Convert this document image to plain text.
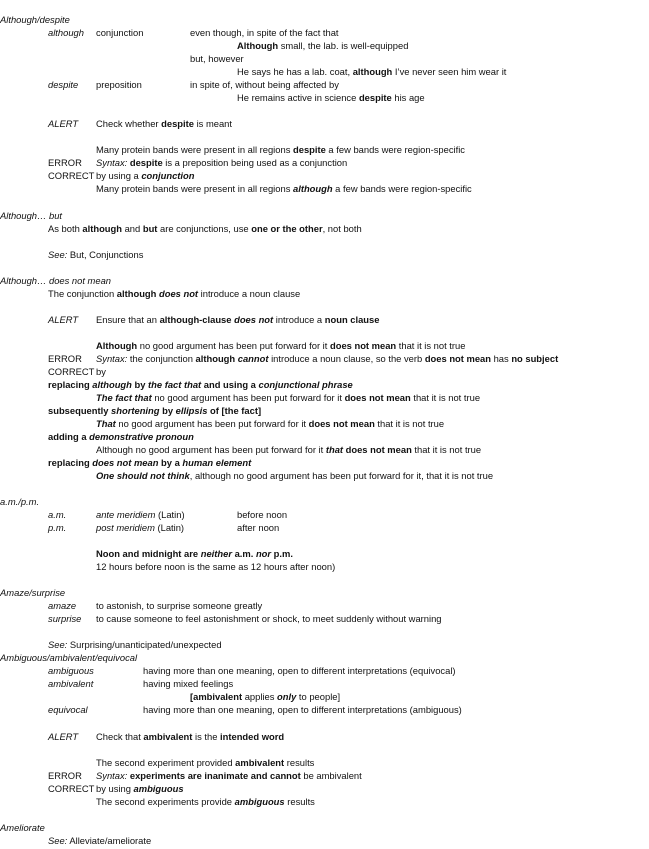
Although/despite
although conjunction	even though, in spite of the fact that
Although small, the lab. is well-equipped
but, however
He says he has a lab. coat, although I’ve never seen him wear it
despite preposition	in spite of, without being affected by
He remains active in science despite his age
ALERT Check whether despite is meant
Many protein bands were present in all regions despite a few bands were region-specific
ERROR Syntax: despite is a preposition being used as a conjunction
CORRECT by using a conjunction
Many protein bands were present in all regions although a few bands were region-specific
Although… but
As both although and but are conjunctions, use one or the other, not both
See: But, Conjunctions
Although… does not mean
The conjunction although does not introduce a noun clause
ALERT Ensure that an although-clause does not introduce a noun clause
Although no good argument has been put forward for it does not mean that it is not true
ERROR Syntax: the conjunction although cannot introduce a noun clause, so the verb does not mean has no subject
CORRECT by
replacing although by the fact that and using a conjunctional phrase
The fact that no good argument has been put forward for it does not mean that it is not true
subsequently shortening by ellipsis of [the fact]
That no good argument has been put forward for it does not mean that it is not true
adding a demonstrative pronoun
Although no good argument has been put forward for it that does not mean that it is not true
replacing does not mean by a human element
One should not think, although no good argument has been put forward for it, that it is not true
a.m./p.m.
a.m.	ante meridiem (Latin)	before noon
p.m.	post meridiem (Latin)	after noon
Noon and midnight are neither a.m. nor p.m.
12 hours before noon is the same as 12 hours after noon)
Amaze/surprise
amaze to astonish, to surprise someone greatly
surprise to cause someone to feel astonishment or shock, to meet suddenly without warning
See: Surprising/unanticipated/unexpected
Ambiguous/ambivalent/equivocal
ambiguous	having more than one meaning, open to different interpretations (equivocal)
ambivalent	having mixed feelings
[ambivalent applies only to people]
equivocal	having more than one meaning, open to different interpretations (ambiguous)
ALERT Check that ambivalent is the intended word
The second experiment provided ambivalent results
ERROR Syntax: experiments are inanimate and cannot be ambivalent
CORRECT by using ambiguous
The second experiments provide ambiguous results
Ameliorate
See: Alleviate/ameliorate
